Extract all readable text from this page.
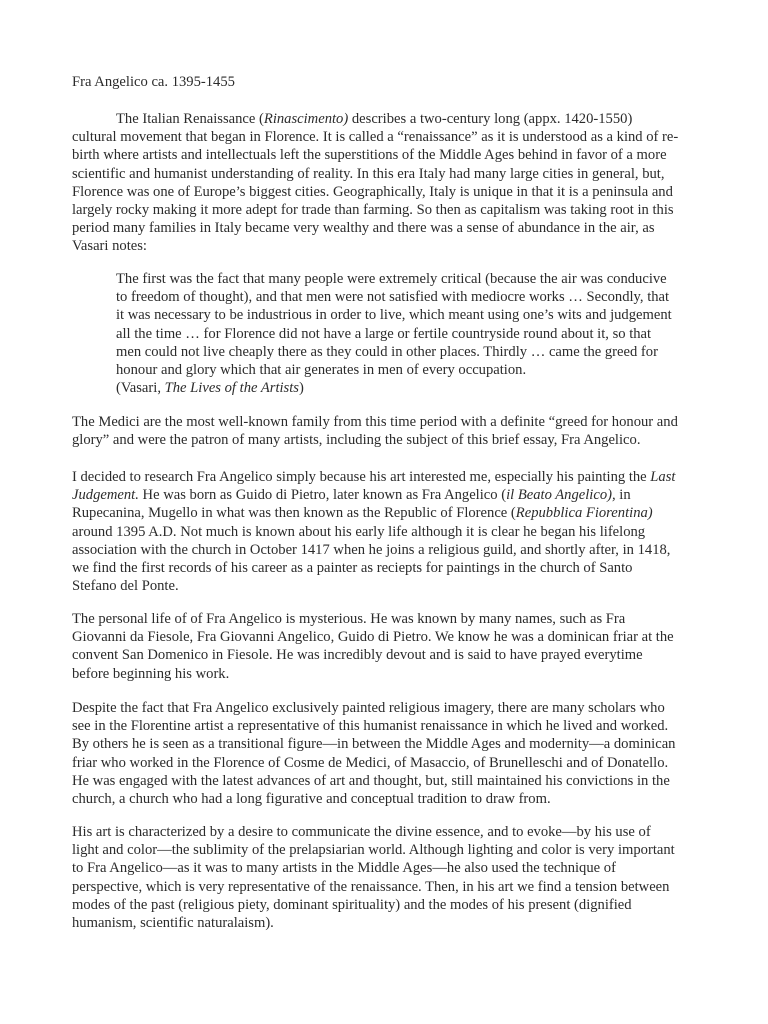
Fra Angelico ca. 1395-1455
The Italian Renaissance (Rinascimento) describes a two-century long (appx. 1420-1550)
cultural movement that began in Florence. It is called a “renaissance” as it is understood as a kind of re-
birth where artists and intellectuals left the superstitions of the Middle Ages behind in favor of a more
scientific and humanist understanding of reality. In this era Italy had many large cities in general, but,
Florence was one of Europe’s biggest cities. Geographically, Italy is unique in that it is a peninsula and
largely rocky making it more adept for trade than farming. So then as capitalism was taking root in this
period many families in Italy became very wealthy and there was a sense of abundance in the air, as
Vasari notes:
The first was the fact that many people were extremely critical (because the air was conducive
to freedom of thought), and that men were not satisfied with mediocre works … Secondly, that
it was necessary to be industrious in order to live, which meant using one’s wits and judgement
all the time … for Florence did not have a large or fertile countryside round about it, so that
men could not live cheaply there as they could in other places. Thirdly … came the greed for
honour and glory which that air generates in men of every occupation.
(Vasari, The Lives of the Artists)
The Medici are the most well-known family from this time period with a definite “greed for honour and
glory” and were the patron of many artists, including the subject of this brief essay, Fra Angelico.
I decided to research Fra Angelico simply because his art interested me, especially his painting the Last
Judgement. He was born as Guido di Pietro, later known as Fra Angelico (il Beato Angelico), in
Rupecanina, Mugello in what was then known as the Republic of Florence (Repubblica Fiorentina)
around 1395 A.D. Not much is known about his early life although it is clear he began his lifelong
association with the church in October 1417 when he joins a religious guild, and shortly after, in 1418,
we find the first records of his career as a painter as reciepts for paintings in the church of Santo
Stefano del Ponte.
The personal life of of Fra Angelico is mysterious. He was known by many names, such as Fra
Giovanni da Fiesole, Fra Giovanni Angelico, Guido di Pietro. We know he was a dominican friar at the
convent San Domenico in Fiesole. He was incredibly devout and is said to have prayed everytime
before beginning his work.
Despite the fact that Fra Angelico exclusively painted religious imagery, there are many scholars who
see in the Florentine artist a representative of this humanist renaissance in which he lived and worked.
By others he is seen as a transitional figure—in between the Middle Ages and modernity—a dominican
friar who worked in the Florence of Cosme de Medici, of Masaccio, of Brunelleschi and of Donatello.
He was engaged with the latest advances of art and thought, but, still maintained his convictions in the
church, a church who had a long figurative and conceptual tradition to draw from.
His art is characterized by a desire to communicate the divine essence, and to evoke—by his use of
light and color—the sublimity of the prelapsiarian world. Although lighting and color is very important
to Fra Angelico—as it was to many artists in the Middle Ages—he also used the technique of
perspective, which is very representative of the renaissance. Then, in his art we find a tension between
modes of the past (religious piety, dominant spirituality) and the modes of his present (dignified
humanism, scientific naturalaism).
